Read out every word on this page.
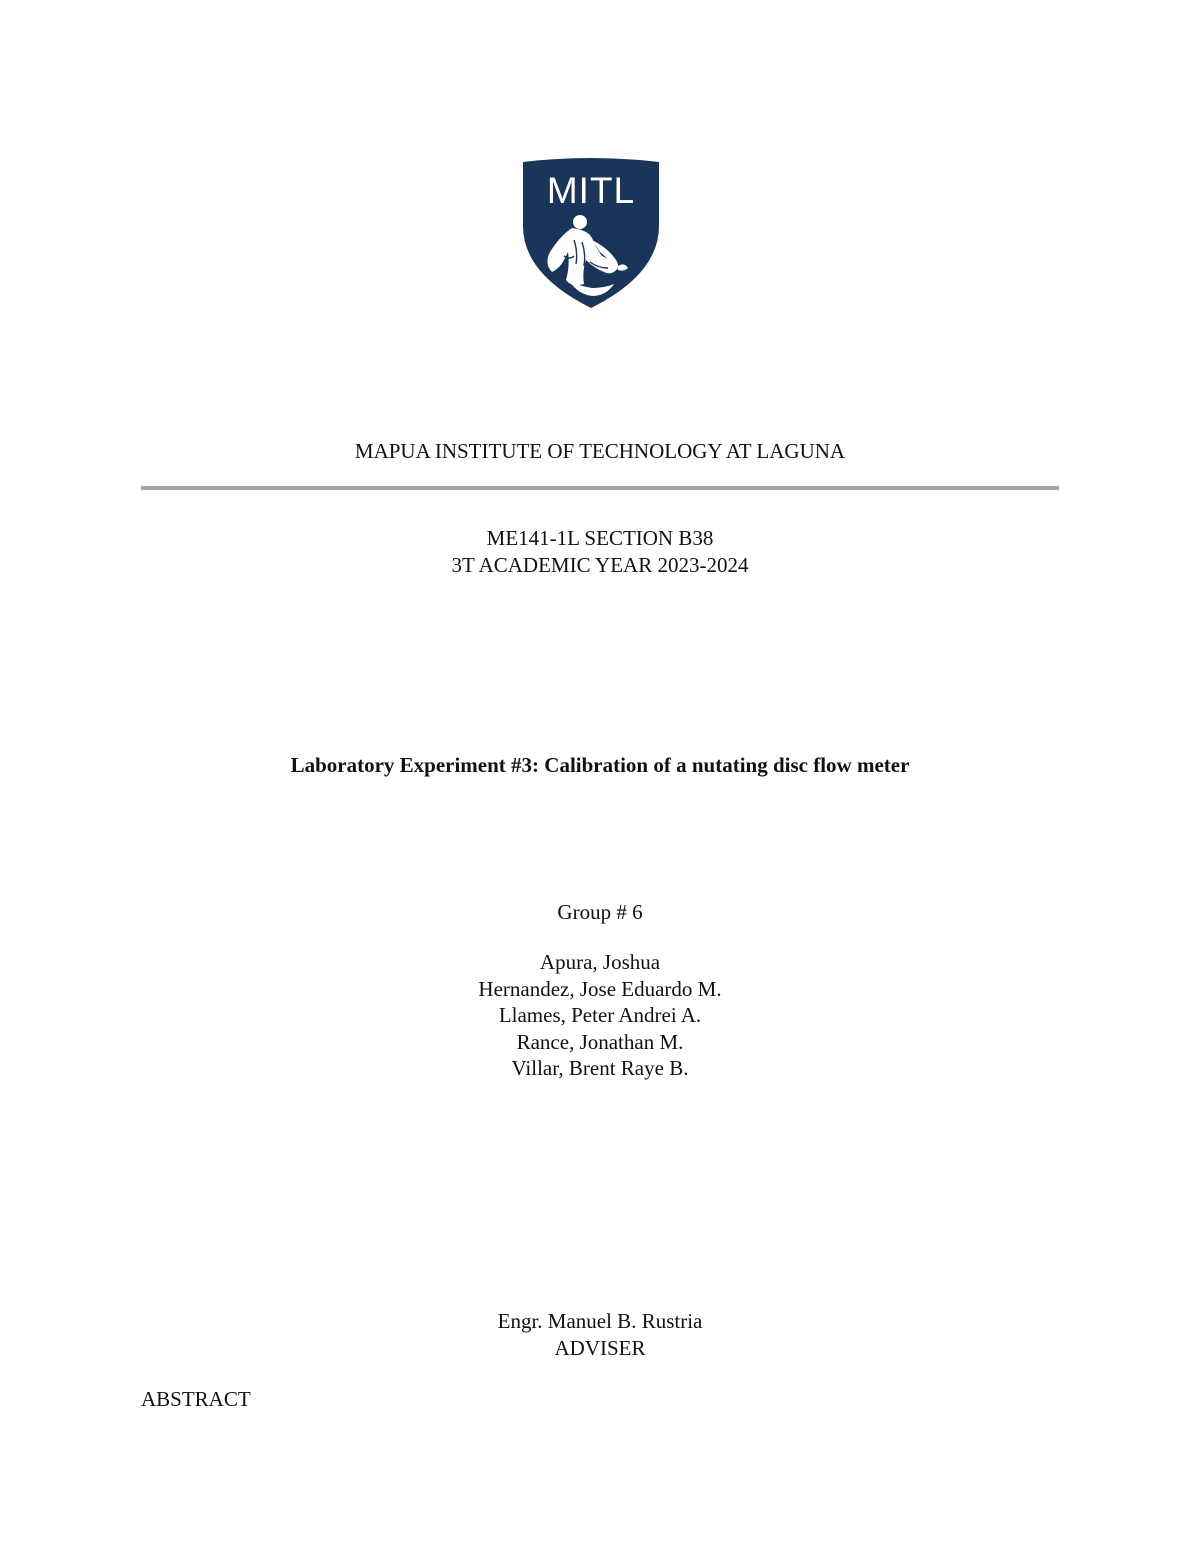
MITL
MAPUA INSTITUTE OF TECHNOLOGY AT LAGUNA
ME141-1L SECTION B38
3T ACADEMIC YEAR 2023-2024
Laboratory Experiment #3: Calibration of a nutating disc flow meter
Group # 6
Apura, Joshua
Hernandez, Jose Eduardo M.
Llames, Peter Andrei A.
Rance, Jonathan M.
Villar, Brent Raye B.
Engr. Manuel B. Rustria
ADVISER
ABSTRACT
